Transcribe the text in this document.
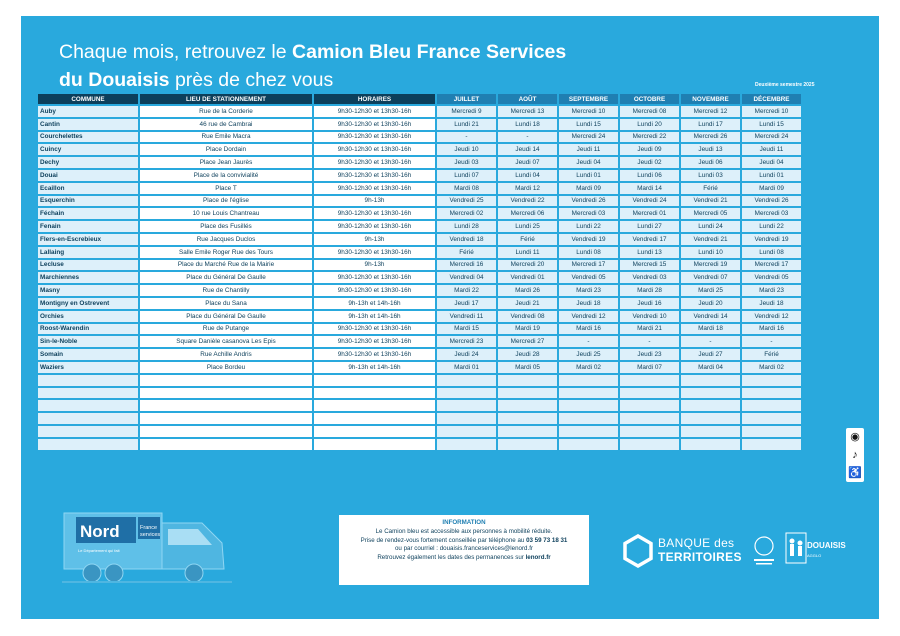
Chaque mois, retrouvez le Camion Bleu France Services
du Douaisis près de chez vous	Deuxième semestre 2025
COMMUNE	LIEU DE STATIONNEMENT	HORAIRES	JUILLET	AOÛT	SEPTEMBRE	OCTOBRE	NOVEMBRE	DÉCEMBRE
Auby	Rue de la Corderie	9h30-12h30 et 13h30-16h	Mercredi 9	Mercredi 13	Mercredi 10	Mercredi 08	Mercredi 12	Mercredi 10
Cantin	46 rue de Cambrai	9h30-12h30 et 13h30-16h	Lundi 21	Lundi 18	Lundi 15	Lundi 20	Lundi 17	Lundi 15
Courchelettes	Rue Emile Macra	9h30-12h30 et 13h30-16h	-	-	Mercredi 24	Mercredi 22	Mercredi 26	Mercredi 24
Cuincy	Place Dordain	9h30-12h30 et 13h30-16h	Jeudi 10	Jeudi 14	Jeudi 11	Jeudi 09	Jeudi 13	Jeudi 11
Dechy	Place Jean Jaurès	9h30-12h30 et 13h30-16h	Jeudi 03	Jeudi 07	Jeudi 04	Jeudi 02	Jeudi 06	Jeudi 04
Douai	Place de la convivialité	9h30-12h30 et 13h30-16h	Lundi 07	Lundi 04	Lundi 01	Lundi 06	Lundi 03	Lundi 01
Ecaillon	Place T	9h30-12h30 et 13h30-16h	Mardi 08	Mardi 12	Mardi 09	Mardi 14	Férié	Mardi 09
Esquerchin	Place de l'église	9h-13h	Vendredi 25	Vendredi 22	Vendredi 26	Vendredi 24	Vendredi 21	Vendredi 26
Féchain	10 rue Louis Chantreau	9h30-12h30 et 13h30-16h	Mercredi 02	Mercredi 06	Mercredi 03	Mercredi 01	Mercredi 05	Mercredi 03
Fenain	Place des Fusillés	9h30-12h30 et 13h30-16h	Lundi 28	Lundi 25	Lundi 22	Lundi 27	Lundi 24	Lundi 22
Flers-en-Escrebieux	Rue Jacques Duclos	9h-13h	Vendredi 18	Férié	Vendredi 19	Vendredi 17	Vendredi 21	Vendredi 19
Lallaing	Salle Emile Roger Rue des Tours	9h30-12h30 et 13h30-16h	Férié	Lundi 11	Lundi 08	Lundi 13	Lundi 10	Lundi 08
Lecluse	Place du Marché Rue de la Mairie	9h-13h	Mercredi 16	Mercredi 20	Mercredi 17	Mercredi 15	Mercredi 19	Mercredi 17
Marchiennes	Place du Général De Gaulle	9h30-12h30 et 13h30-16h	Vendredi 04	Vendredi 01	Vendredi 05	Vendredi 03	Vendredi 07	Vendredi 05
Masny	Rue de Chantilly	9h30-12h30 et 13h30-16h	Mardi 22	Mardi 26	Mardi 23	Mardi 28	Mardi 25	Mardi 23
Montigny en Ostrevent	Place du Sana	9h-13h et 14h-16h	Jeudi 17	Jeudi 21	Jeudi 18	Jeudi 16	Jeudi 20	Jeudi 18
Orchies	Place du Général De Gaulle	9h-13h et 14h-16h	Vendredi 11	Vendredi 08	Vendredi 12	Vendredi 10	Vendredi 14	Vendredi 12
Roost-Warendin	Rue de Putange	9h30-12h30 et 13h30-16h	Mardi 15	Mardi 19	Mardi 16	Mardi 21	Mardi 18	Mardi 16
Sin-le-Noble	Square Danièle casanova Les Epis	9h30-12h30 et 13h30-16h	Mercredi 23	Mercredi 27	-	-	-	-
Somain	Rue Achille Andris	9h30-12h30 et 13h30-16h	Jeudi 24	Jeudi 28	Jeudi 25	Jeudi 23	Jeudi 27	Férié
Waziers	Place Bordeu	9h-13h et 14h-16h	Mardi 01	Mardi 05	Mardi 02	Mardi 07	Mardi 04	Mardi 02

◉
♪
♿
Nord
Le Département qui fait
France
services
INFORMATION
Le Camion bleu est accessible aux personnes à mobilité réduite.
Prise de rendez-vous fortement conseillée par téléphone au 03 59 73 18 31
ou par courriel : douaisis.franceservices@lenord.fr
Retrouvez également les dates des permanences sur lenord.fr
BANQUE des
TERRITOIRES
DOUAISIS
AGGLO
